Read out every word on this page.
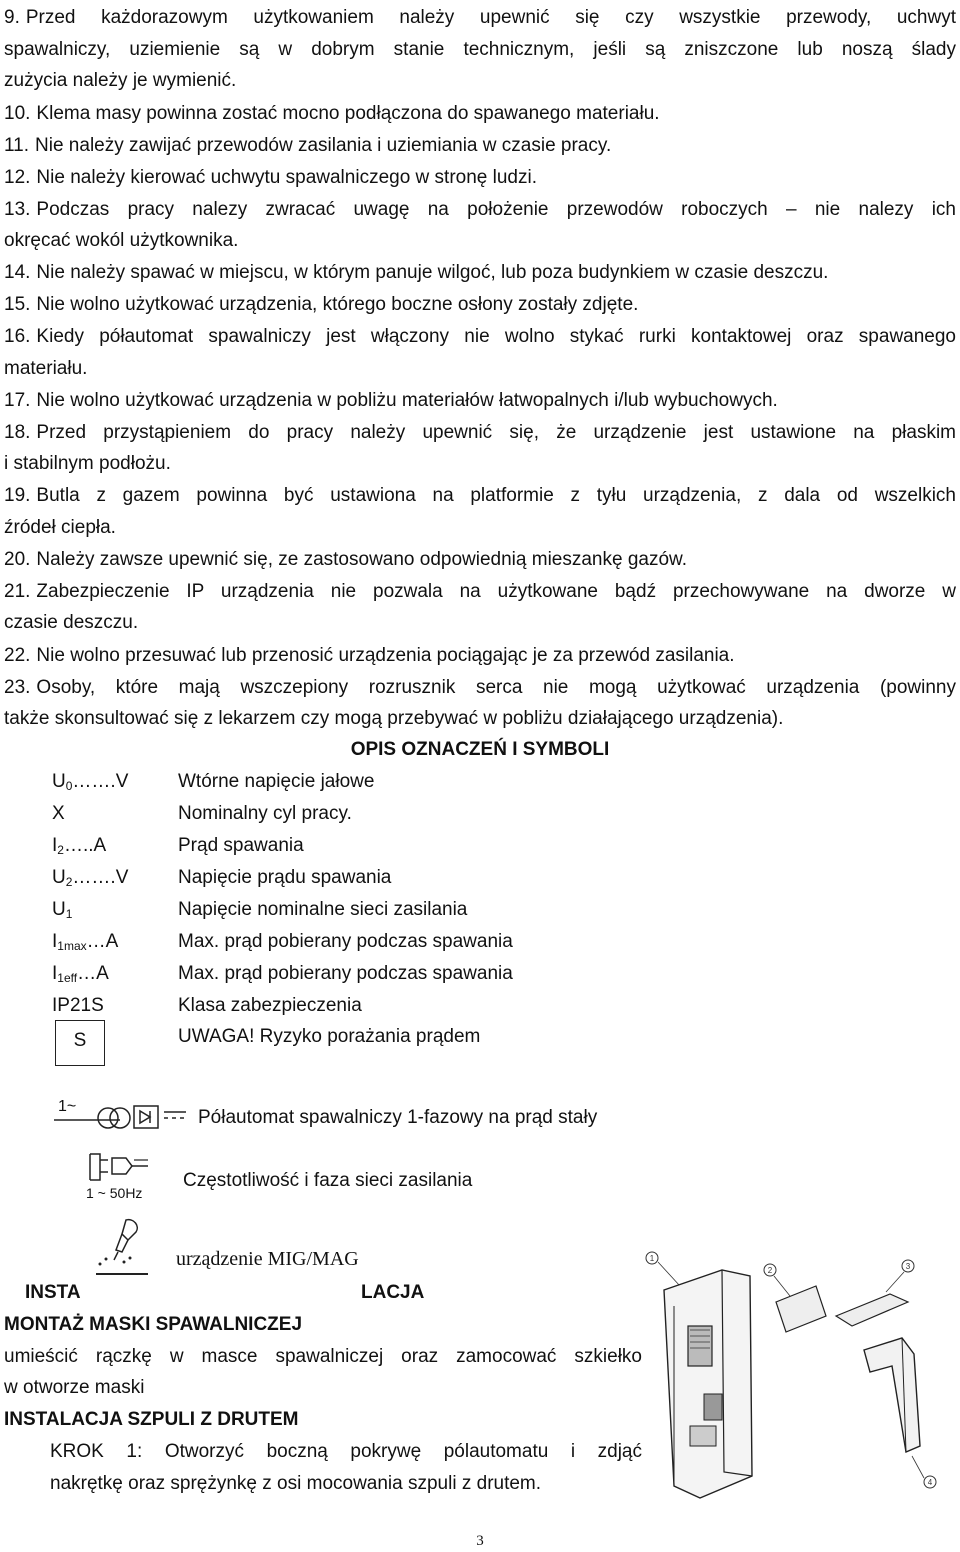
9. Przed każdorazowym użytkowaniem należy upewnić się czy wszystkie przewody, uchwyt
spawalniczy, uziemienie są w dobrym stanie technicznym, jeśli są zniszczone lub noszą ślady
zużycia należy je wymienić.
10. Klema masy powinna zostać mocno podłączona do spawanego materiału.
11. Nie należy zawijać przewodów zasilania i uziemiania w czasie pracy.
12. Nie należy kierować uchwytu spawalniczego w stronę ludzi.
13. Podczas pracy nalezy zwracać uwagę na położenie przewodów roboczych – nie nalezy ich
okręcać wokól użytkownika.
14. Nie należy spawać w miejscu, w którym panuje wilgoć, lub poza budynkiem w czasie deszczu.
15. Nie wolno użytkować urządzenia, którego boczne osłony zostały zdjęte.
16. Kiedy półautomat spawalniczy jest włączony nie wolno stykać rurki kontaktowej oraz spawanego
materiału.
17. Nie wolno użytkować urządzenia w pobliżu materiałów łatwopalnych i/lub wybuchowych.
18. Przed przystąpieniem do pracy należy upewnić się, że urządzenie jest ustawione na płaskim
i stabilnym podłożu.
19. Butla z gazem powinna być ustawiona na platformie z tyłu urządzenia, z dala od wszelkich
źródeł ciepła.
20. Należy zawsze upewnić się, ze zastosowano odpowiednią mieszankę gazów.
21. Zabezpieczenie IP urządzenia nie pozwala na użytkowane bądź przechowywane na dworze w
czasie deszczu.
22. Nie wolno przesuwać lub przenosić urządzenia pociągając je za przewód zasilania.
23. Osoby, które mają wszczepiony rozrusznik serca nie mogą użytkować urządzenia (powinny
także skonsultować się z lekarzem czy mogą przebywać w pobliżu działającego urządzenia).
OPIS OZNACZEŃ I SYMBOLI
$U_0\dots\dots.V$	Wtórne napięcie jałowe
X	Nominalny cyl pracy.
$I_2\dots..A$	Prąd spawania
$U_2\dots\dots.V$	Napięcie prądu spawania
$U_1$	Napięcie nominalne sieci zasilania
$I_{1max}\dots A$	Max. prąd pobierany podczas spawania
$I_{1eff}\dots A$	Max. prąd pobierany podczas spawania
IP21S	Klasa zabezpieczenia
S	UWAGA! Ryzyko porażania prądem
1~
Półautomat spawalniczy 1-fazowy na prąd stały
1 ~ 50Hz
Częstotliwość i faza sieci zasilania
urządzenie MIG/MAG
INSTA	LACJA
MONTAŻ MASKI SPAWALNICZEJ
umieścić rączkę w masce spawalniczej oraz zamocować szkiełko
w otworze maski
INSTALACJA SZPULI Z DRUTEM
KROK 1: Otworzyć boczną pokrywę pólautomatu i zdjąć
nakrętkę oraz sprężynkę z osi mocowania szpuli z drutem.
1
2	3
4
3
